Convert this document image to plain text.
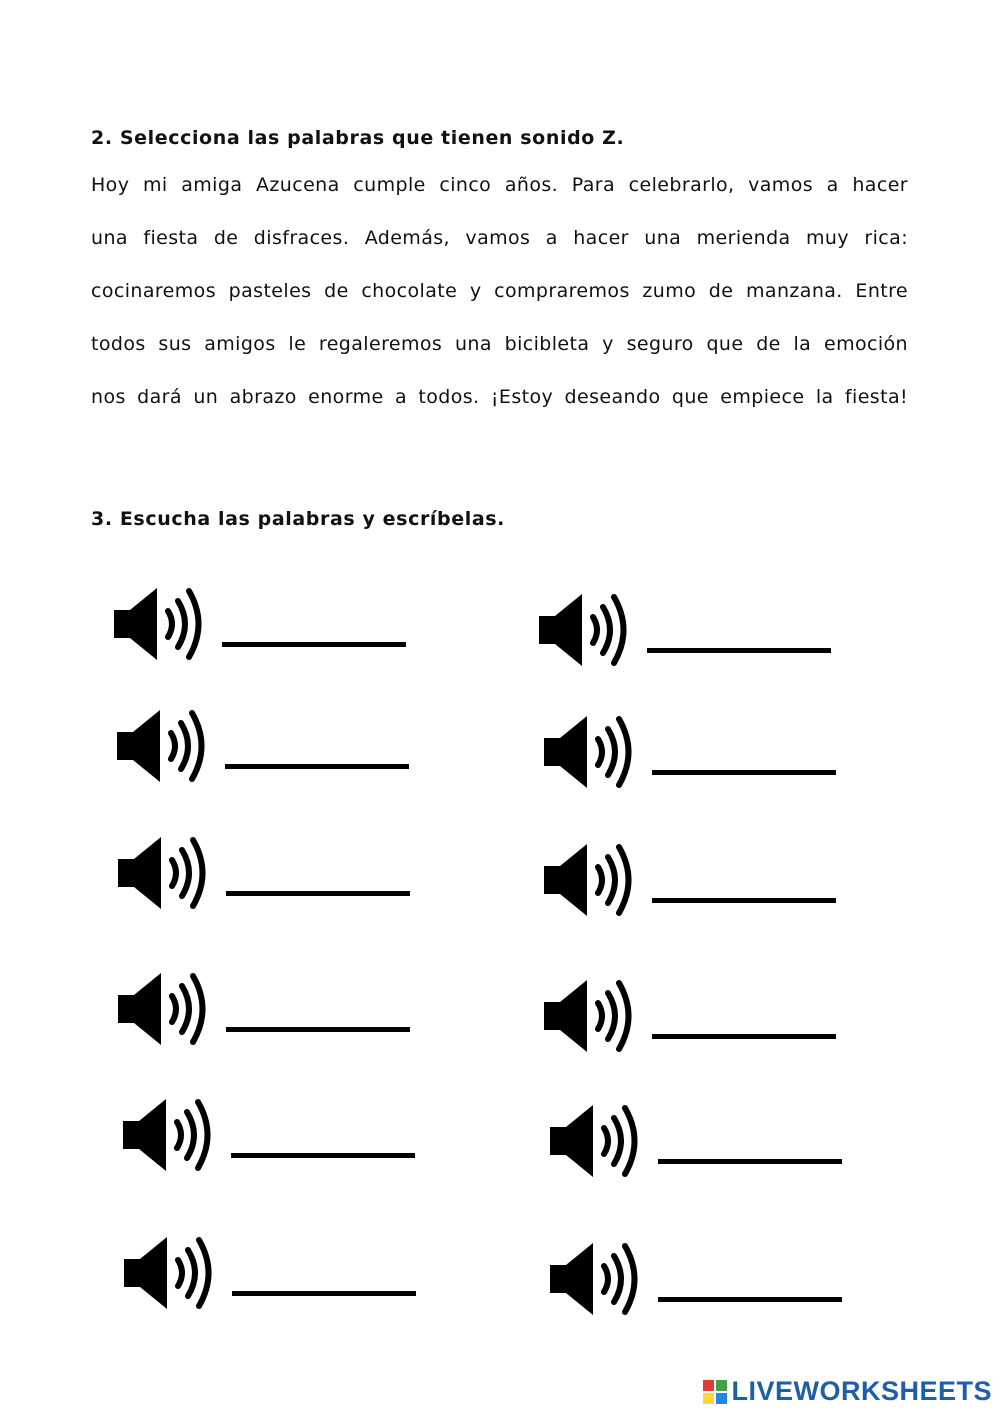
2. Selecciona las palabras que tienen sonido Z.
Hoy mi amiga Azucena cumple cinco años. Para celebrarlo, vamos a hacer
una fiesta de disfraces. Además, vamos a hacer una merienda muy rica:
cocinaremos pasteles de chocolate y compraremos zumo de manzana. Entre
todos sus amigos le regaleremos una bicibleta y seguro que de la emoción
nos dará un abrazo enorme a todos. ¡Estoy deseando que empiece la fiesta!
3. Escucha las palabras y escríbelas.
LIVEWORKSHEETS
